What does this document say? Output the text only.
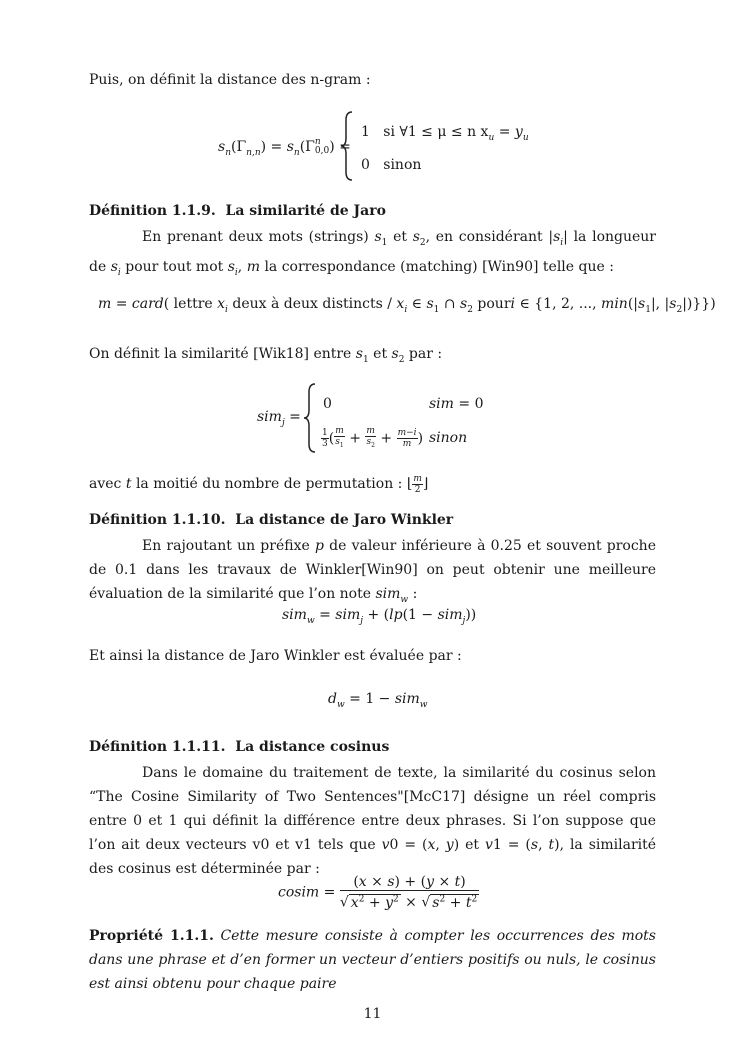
Puis, on définit la distance des n-gram :
$s_n(\Gamma_{n,n}) = s_n(\Gamma n$
0,0) =
1   si ∀1 ≤ μ ≤ n $x_u = y_u$
0   sinon
Définition 1.1.9. La similarité de Jaro
En prenant deux mots (strings) $s_1$ et $s_2$, en considérant $|s_i|$ la longueur de $s_i$ pour tout mot $s_i$, m la correspondance (matching) [Win90] telle que :
m = card( lettre $x_i$ deux à deux distincts / $x_i$ ∈ $s_1$ ∩ $s_2$ pouri ∈ {1, 2, ..., $\min(|s_1|$, $|s_2|$)}})
On définit la similarité [Wik18] entre $s_1$ et $s_2$ par :
sim$_j$ =
0	sim = 0
$\frac{1}{3}$ ( $\frac{m}{s_1} + \frac{m}{s_2} + \frac{m-i}{m}$ ) sinon
avec t la moitié du nombre de permutation : ⌊ $\frac{m}{2}$ ⌋
Définition 1.1.10. La distance de Jaro Winkler
En rajoutant un préfixe p de valeur inférieure à 0.25 et souvent proche de 0.1 dans les travaux de Winkler[Win90] on peut obtenir une meilleure évaluation de la similarité que l’on note sim$_w$ :
sim$_w$ = sim$_j$ + (lp(1 − sim$_j$))
Et ainsi la distance de Jaro Winkler est évaluée par :
$d_w = 1 - sim_w$
Définition 1.1.11. La distance cosinus
Dans le domaine du traitement de texte, la similarité du cosinus selon “The Cosine Similarity of Two Sentences"[McC17] désigne un réel compris entre 0 et 1 qui définit la différence entre deux phrases. Si l’on suppose que l’on ait deux vecteurs v0 et v1 tels que v0 = (x, y) et v1 = (s, t), la similarité des cosinus est déterminée par :
cosim = $\frac{(x \times s) + (y \times t)}{√ x^2 + y^2 \times √ s^2 + t^2}$
Propriété 1.1.1. Cette mesure consiste à compter les occurrences des mots dans une phrase et d’en former un vecteur d’entiers positifs ou nuls, le cosinus est ainsi obtenu pour chaque paire
11
